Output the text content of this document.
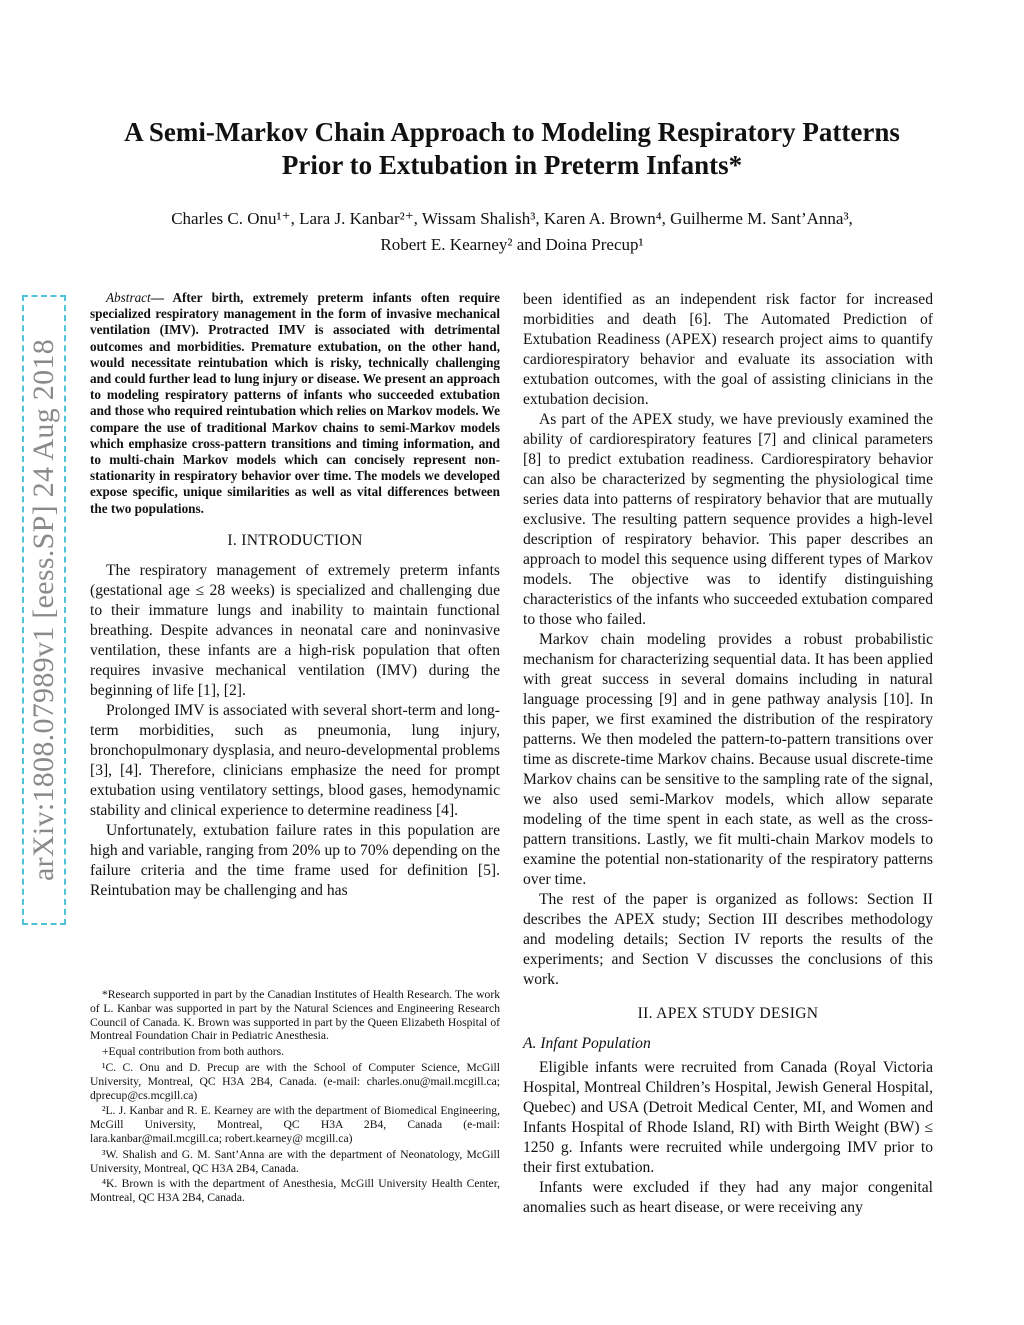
arXiv:1808.07989v1 [eess.SP] 24 Aug 2018
A Semi-Markov Chain Approach to Modeling Respiratory Patterns Prior to Extubation in Preterm Infants*
Charles C. Onu¹⁺, Lara J. Kanbar²⁺, Wissam Shalish³, Karen A. Brown⁴, Guilherme M. Sant’Anna³,
Robert E. Kearney² and Doina Precup¹

Abstract— After birth, extremely preterm infants often require specialized respiratory management in the form of invasive mechanical ventilation (IMV). Protracted IMV is associated with detrimental outcomes and morbidities. Premature extubation, on the other hand, would necessitate reintubation which is risky, technically challenging and could further lead to lung injury or disease. We present an approach to modeling respiratory patterns of infants who succeeded extubation and those who required reintubation which relies on Markov models. We compare the use of traditional Markov chains to semi-Markov models which emphasize cross-pattern transitions and timing information, and to multi-chain Markov models which can concisely represent non-stationarity in respiratory behavior over time. The models we developed expose specific, unique similarities as well as vital differences between the two populations.

I. INTRODUCTION

The respiratory management of extremely preterm infants (gestational age ≤ 28 weeks) is specialized and challenging due to their immature lungs and inability to maintain functional breathing. Despite advances in neonatal care and noninvasive ventilation, these infants are a high-risk population that often requires invasive mechanical ventilation (IMV) during the beginning of life [1], [2].

Prolonged IMV is associated with several short-term and long-term morbidities, such as pneumonia, lung injury, bronchopulmonary dysplasia, and neuro-developmental problems [3], [4]. Therefore, clinicians emphasize the need for prompt extubation using ventilatory settings, blood gases, hemodynamic stability and clinical experience to determine readiness [4].

Unfortunately, extubation failure rates in this population are high and variable, ranging from 20% up to 70% depending on the failure criteria and the time frame used for definition [5]. Reintubation may be challenging and has

*Research supported in part by the Canadian Institutes of Health Research. The work of L. Kanbar was supported in part by the Natural Sciences and Engineering Research Council of Canada. K. Brown was supported in part by the Queen Elizabeth Hospital of Montreal Foundation Chair in Pediatric Anesthesia.

+Equal contribution from both authors.

¹C. C. Onu and D. Precup are with the School of Computer Science, McGill University, Montreal, QC H3A 2B4, Canada. (e-mail: charles.onu@mail.mcgill.ca; dprecup@cs.mcgill.ca)

²L. J. Kanbar and R. E. Kearney are with the department of Biomedical Engineering, McGill University, Montreal, QC H3A 2B4, Canada (e-mail: lara.kanbar@mail.mcgill.ca; robert.kearney@ mcgill.ca)

³W. Shalish and G. M. Sant’Anna are with the department of Neonatology, McGill University, Montreal, QC H3A 2B4, Canada.

⁴K. Brown is with the department of Anesthesia, McGill University Health Center, Montreal, QC H3A 2B4, Canada.

been identified as an independent risk factor for increased morbidities and death [6]. The Automated Prediction of Extubation Readiness (APEX) research project aims to quantify cardiorespiratory behavior and evaluate its association with extubation outcomes, with the goal of assisting clinicians in the extubation decision.

As part of the APEX study, we have previously examined the ability of cardiorespiratory features [7] and clinical parameters [8] to predict extubation readiness. Cardiorespiratory behavior can also be characterized by segmenting the physiological time series data into patterns of respiratory behavior that are mutually exclusive. The resulting pattern sequence provides a high-level description of respiratory behavior. This paper describes an approach to model this sequence using different types of Markov models. The objective was to identify distinguishing characteristics of the infants who succeeded extubation compared to those who failed.

Markov chain modeling provides a robust probabilistic mechanism for characterizing sequential data. It has been applied with great success in several domains including in natural language processing [9] and in gene pathway analysis [10]. In this paper, we first examined the distribution of the respiratory patterns. We then modeled the pattern-to-pattern transitions over time as discrete-time Markov chains. Because usual discrete-time Markov chains can be sensitive to the sampling rate of the signal, we also used semi-Markov models, which allow separate modeling of the time spent in each state, as well as the cross-pattern transitions. Lastly, we fit multi-chain Markov models to examine the potential non-stationarity of the respiratory patterns over time.

The rest of the paper is organized as follows: Section II describes the APEX study; Section III describes methodology and modeling details; Section IV reports the results of the experiments; and Section V discusses the conclusions of this work.

II. APEX STUDY DESIGN
A. Infant Population

Eligible infants were recruited from Canada (Royal Victoria Hospital, Montreal Children’s Hospital, Jewish General Hospital, Quebec) and USA (Detroit Medical Center, MI, and Women and Infants Hospital of Rhode Island, RI) with Birth Weight (BW) ≤ 1250 g. Infants were recruited while undergoing IMV prior to their first extubation.

Infants were excluded if they had any major congenital anomalies such as heart disease, or were receiving any
